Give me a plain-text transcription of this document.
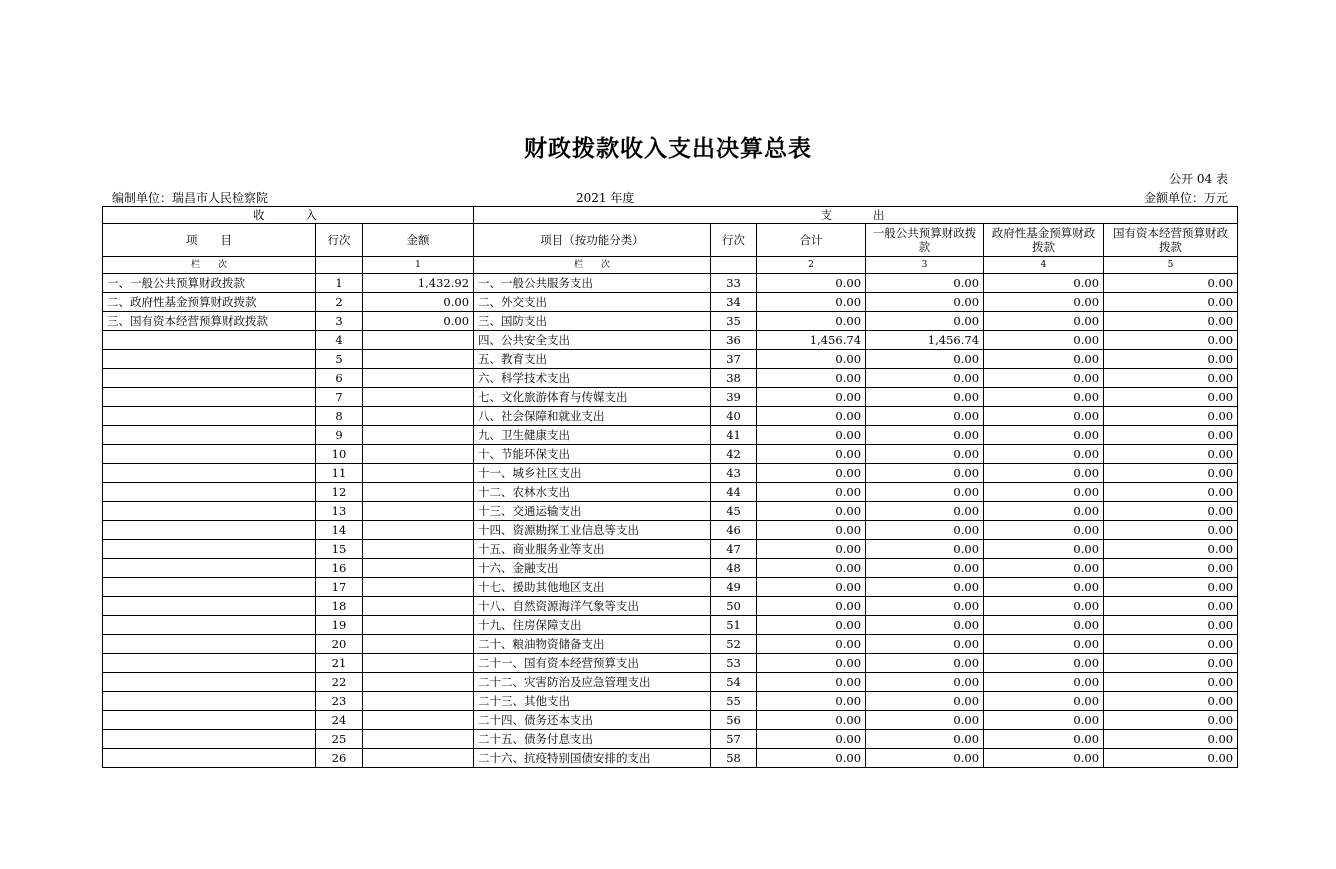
财政拨款收入支出决算总表
公开 04 表
编制单位：瑞昌市人民检察院	2021 年度	金额单位：万元
收　　入			支　　出					
项　　目	行次	金额	项目（按功能分类）	行次	合计	一般公共预算财政拨款	政府性基金预算财政拨款	国有资本经营预算财政拨款
栏　　次		1	栏　　次		2	3	4	5
一、一般公共预算财政拨款	1	1,432.92	一、一般公共服务支出	33	0.00	0.00	0.00	0.00
二、政府性基金预算财政拨款	2	0.00	二、外交支出	34	0.00	0.00	0.00	0.00
三、国有资本经营预算财政拨款	3	0.00	三、国防支出	35	0.00	0.00	0.00	0.00
	4		四、公共安全支出	36	1,456.74	1,456.74	0.00	0.00
	5		五、教育支出	37	0.00	0.00	0.00	0.00
	6		六、科学技术支出	38	0.00	0.00	0.00	0.00
	7		七、文化旅游体育与传媒支出	39	0.00	0.00	0.00	0.00
	8		八、社会保障和就业支出	40	0.00	0.00	0.00	0.00
	9		九、卫生健康支出	41	0.00	0.00	0.00	0.00
	10		十、节能环保支出	42	0.00	0.00	0.00	0.00
	11		十一、城乡社区支出	43	0.00	0.00	0.00	0.00
	12		十二、农林水支出	44	0.00	0.00	0.00	0.00
	13		十三、交通运输支出	45	0.00	0.00	0.00	0.00
	14		十四、资源勘探工业信息等支出	46	0.00	0.00	0.00	0.00
	15		十五、商业服务业等支出	47	0.00	0.00	0.00	0.00
	16		十六、金融支出	48	0.00	0.00	0.00	0.00
	17		十七、援助其他地区支出	49	0.00	0.00	0.00	0.00
	18		十八、自然资源海洋气象等支出	50	0.00	0.00	0.00	0.00
	19		十九、住房保障支出	51	0.00	0.00	0.00	0.00
	20		二十、粮油物资储备支出	52	0.00	0.00	0.00	0.00
	21		二十一、国有资本经营预算支出	53	0.00	0.00	0.00	0.00
	22		二十二、灾害防治及应急管理支出	54	0.00	0.00	0.00	0.00
	23		二十三、其他支出	55	0.00	0.00	0.00	0.00
	24		二十四、债务还本支出	56	0.00	0.00	0.00	0.00
	25		二十五、债务付息支出	57	0.00	0.00	0.00	0.00
	26		二十六、抗疫特别国债安排的支出	58	0.00	0.00	0.00	0.00
